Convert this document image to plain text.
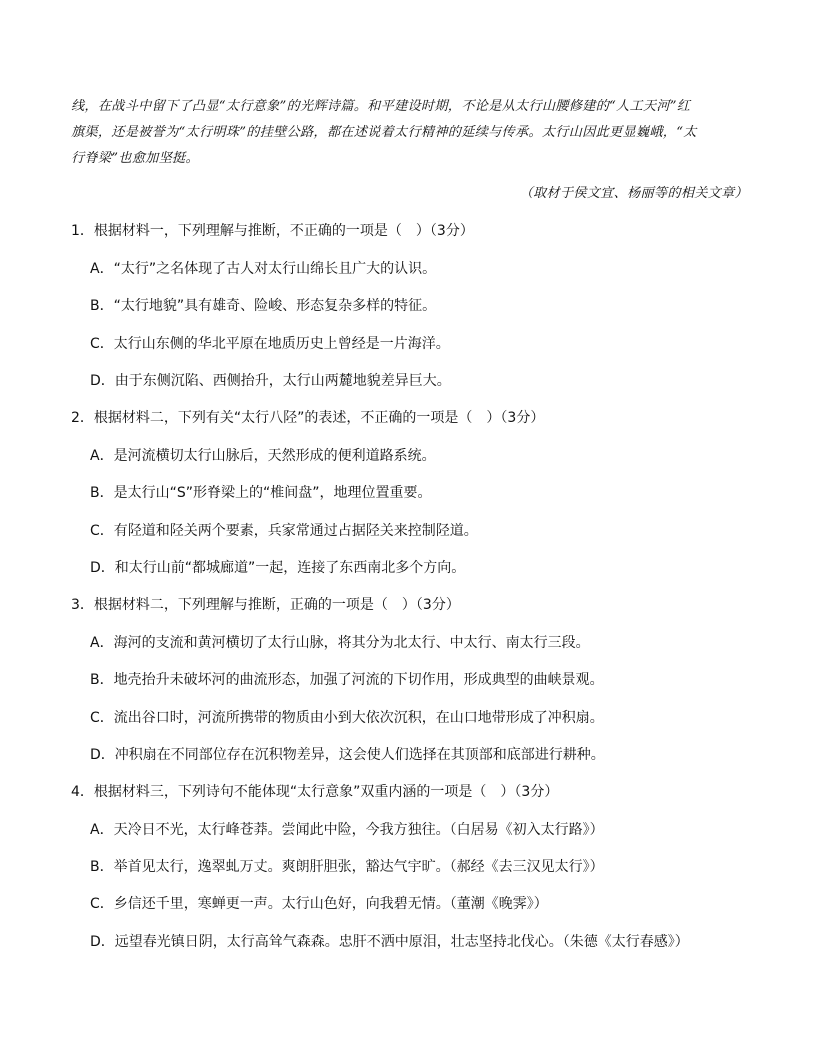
线，在战斗中留下了凸显“太行意象”的光辉诗篇。和平建设时期，不论是从太行山腰修建的“人工天河”红

旗渠，还是被誉为“太行明珠”的挂壁公路，都在述说着太行精神的延续与传承。太行山因此更显巍峨，“太

行脊梁”也愈加坚挺。

（取材于侯文宜、杨丽等的相关文章）
1．根据材料一，下列理解与推断，不正确的一项是（　）（3分）
A．“太行”之名体现了古人对太行山绵长且广大的认识。
B．“太行地貌”具有雄奇、险峻、形态复杂多样的特征。
C．太行山东侧的华北平原在地质历史上曾经是一片海洋。
D．由于东侧沉陷、西侧抬升，太行山两麓地貌差异巨大。
2．根据材料二，下列有关“太行八陉”的表述，不正确的一项是（　）（3分）
A．是河流横切太行山脉后，天然形成的便利道路系统。
B．是太行山“S”形脊梁上的“椎间盘”，地理位置重要。
C．有陉道和陉关两个要素，兵家常通过占据陉关来控制陉道。
D．和太行山前“都城廊道”一起，连接了东西南北多个方向。
3．根据材料二，下列理解与推断，正确的一项是（　）（3分）
A．海河的支流和黄河横切了太行山脉，将其分为北太行、中太行、南太行三段。
B．地壳抬升未破坏河的曲流形态，加强了河流的下切作用，形成典型的曲峡景观。
C．流出谷口时，河流所携带的物质由小到大依次沉积，在山口地带形成了冲积扇。
D．冲积扇在不同部位存在沉积物差异，这会使人们选择在其顶部和底部进行耕种。
4．根据材料三，下列诗句不能体现“太行意象”双重内涵的一项是（　）（3分）
A．天冷日不光，太行峰苍莽。尝闻此中险，今我方独往。（白居易《初入太行路》）
B．举首见太行，逸翠虬万丈。爽朗肝胆张，豁达气宇旷。（郝经《去三汉见太行》）
C．乡信还千里，寒蝉更一声。太行山色好，向我碧无情。（董潮《晚霁》）
D．远望春光镇日阴，太行高耸气森森。忠肝不洒中原泪，壮志坚持北伐心。（朱德《太行春感》）
